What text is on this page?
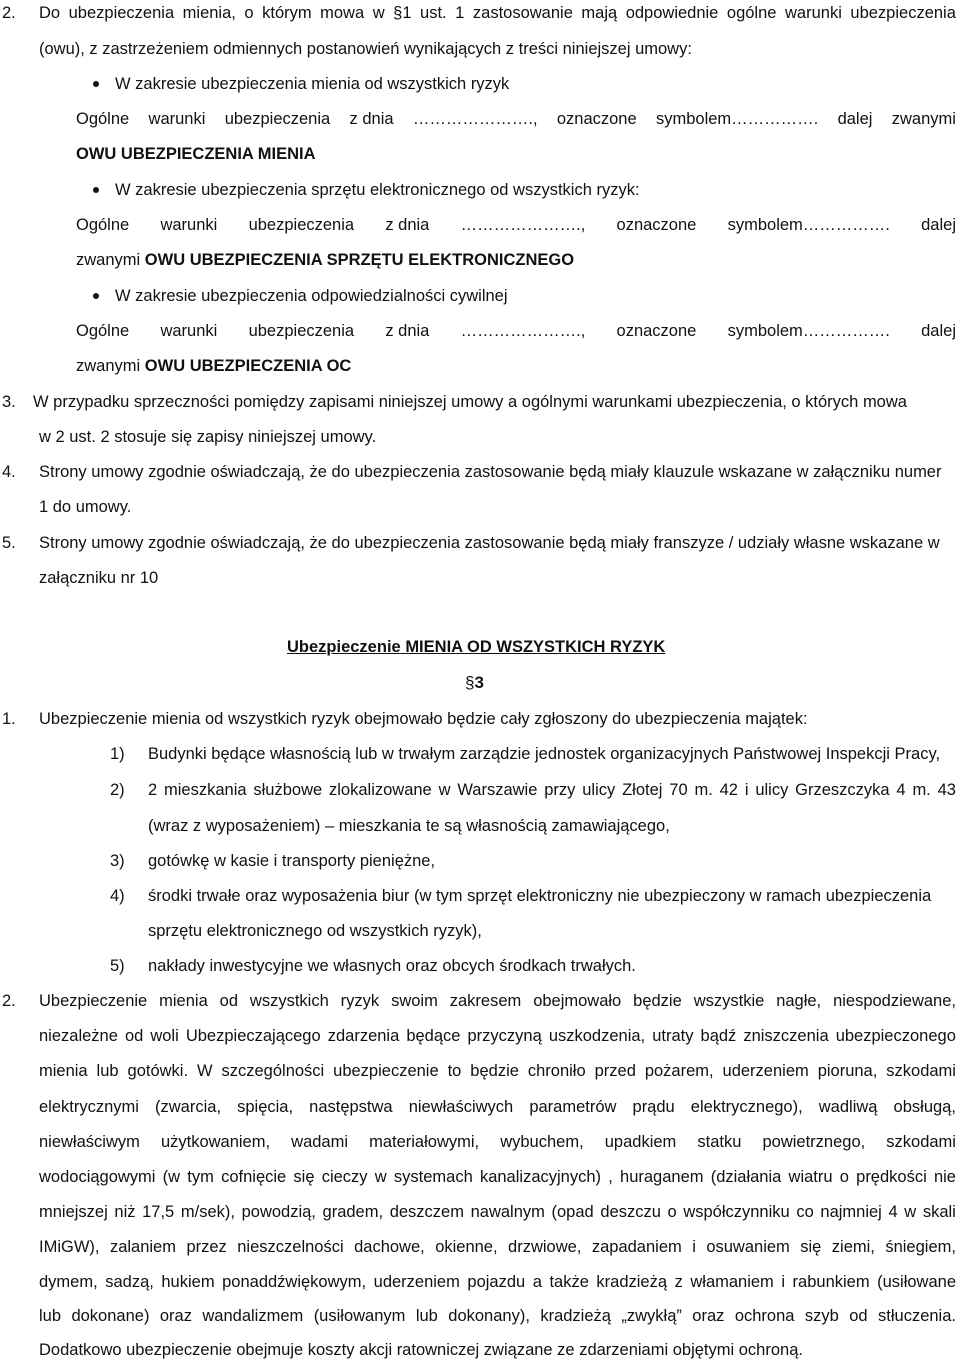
2. Do ubezpieczenia mienia, o którym mowa w §1 ust. 1 zastosowanie mają odpowiednie ogólne warunki ubezpieczenia
(owu), z zastrzeżeniem odmiennych postanowień wynikających z treści niniejszej umowy:
W zakresie ubezpieczenia mienia od wszystkich ryzyk
Ogólne warunki ubezpieczenia z dnia …………………., oznaczone symbolem……………. dalej zwanymi
OWU UBEZPIECZENIA MIENIA
W zakresie ubezpieczenia sprzętu elektronicznego od wszystkich ryzyk:
Ogólne warunki ubezpieczenia z dnia …………………., oznaczone symbolem……………. dalej
zwanymi OWU UBEZPIECZENIA SPRZĘTU ELEKTRONICZNEGO
W zakresie ubezpieczenia odpowiedzialności cywilnej
Ogólne warunki ubezpieczenia z dnia …………………., oznaczone symbolem……………. dalej
zwanymi OWU UBEZPIECZENIA OC
3. W przypadku sprzeczności pomiędzy zapisami niniejszej umowy a ogólnymi warunkami ubezpieczenia, o których mowa
w 2 ust. 2 stosuje się zapisy niniejszej umowy.
4. Strony umowy zgodnie oświadczają, że do ubezpieczenia zastosowanie będą miały klauzule wskazane w załączniku numer
1 do umowy.
5. Strony umowy zgodnie oświadczają, że do ubezpieczenia zastosowanie będą miały franszyze / udziały własne wskazane w
załączniku nr 10
Ubezpieczenie MIENIA OD WSZYSTKICH RYZYK
§3
1. Ubezpieczenie mienia od wszystkich ryzyk obejmowało będzie cały zgłoszony do ubezpieczenia majątek:
1) Budynki będące własnością lub w trwałym zarządzie jednostek organizacyjnych Państwowej Inspekcji Pracy,
2) 2 mieszkania służbowe zlokalizowane w Warszawie przy ulicy Złotej 70 m. 42 i ulicy Grzeszczyka 4 m. 43
(wraz z wyposażeniem) – mieszkania te są własnością zamawiającego,
3) gotówkę w kasie i transporty pieniężne,
4) środki trwałe oraz wyposażenia biur (w tym sprzęt elektroniczny nie ubezpieczony w ramach ubezpieczenia
sprzętu elektronicznego od wszystkich ryzyk),
5) nakłady inwestycyjne we własnych oraz obcych środkach trwałych.
2. Ubezpieczenie mienia od wszystkich ryzyk swoim zakresem obejmowało będzie wszystkie nagłe, niespodziewane,
niezależne od woli Ubezpieczającego zdarzenia będące przyczyną uszkodzenia, utraty bądź zniszczenia ubezpieczonego
mienia lub gotówki. W szczególności ubezpieczenie to będzie chroniło przed pożarem, uderzeniem pioruna, szkodami
elektrycznymi (zwarcia, spięcia, następstwa niewłaściwych parametrów prądu elektrycznego), wadliwą obsługą,
niewłaściwym użytkowaniem, wadami materiałowymi, wybuchem, upadkiem statku powietrznego, szkodami
wodociągowymi (w tym cofnięcie się cieczy w systemach kanalizacyjnych) , huraganem (działania wiatru o prędkości nie
mniejszej niż 17,5 m/sek), powodzią, gradem, deszczem nawalnym (opad deszczu o współczynniku co najmniej 4 w skali
IMiGW), zalaniem przez nieszczelności dachowe, okienne, drzwiowe, zapadaniem i osuwaniem się ziemi, śniegiem,
dymem, sadzą, hukiem ponaddźwiękowym, uderzeniem pojazdu a także kradzieżą z włamaniem i rabunkiem (usiłowane
lub dokonane) oraz wandalizmem (usiłowanym lub dokonany), kradzieżą „zwykłą” oraz ochrona szyb od stłuczenia.
Dodatkowo ubezpieczenie obejmuje koszty akcji ratowniczej związane ze zdarzeniami objętymi ochroną.
